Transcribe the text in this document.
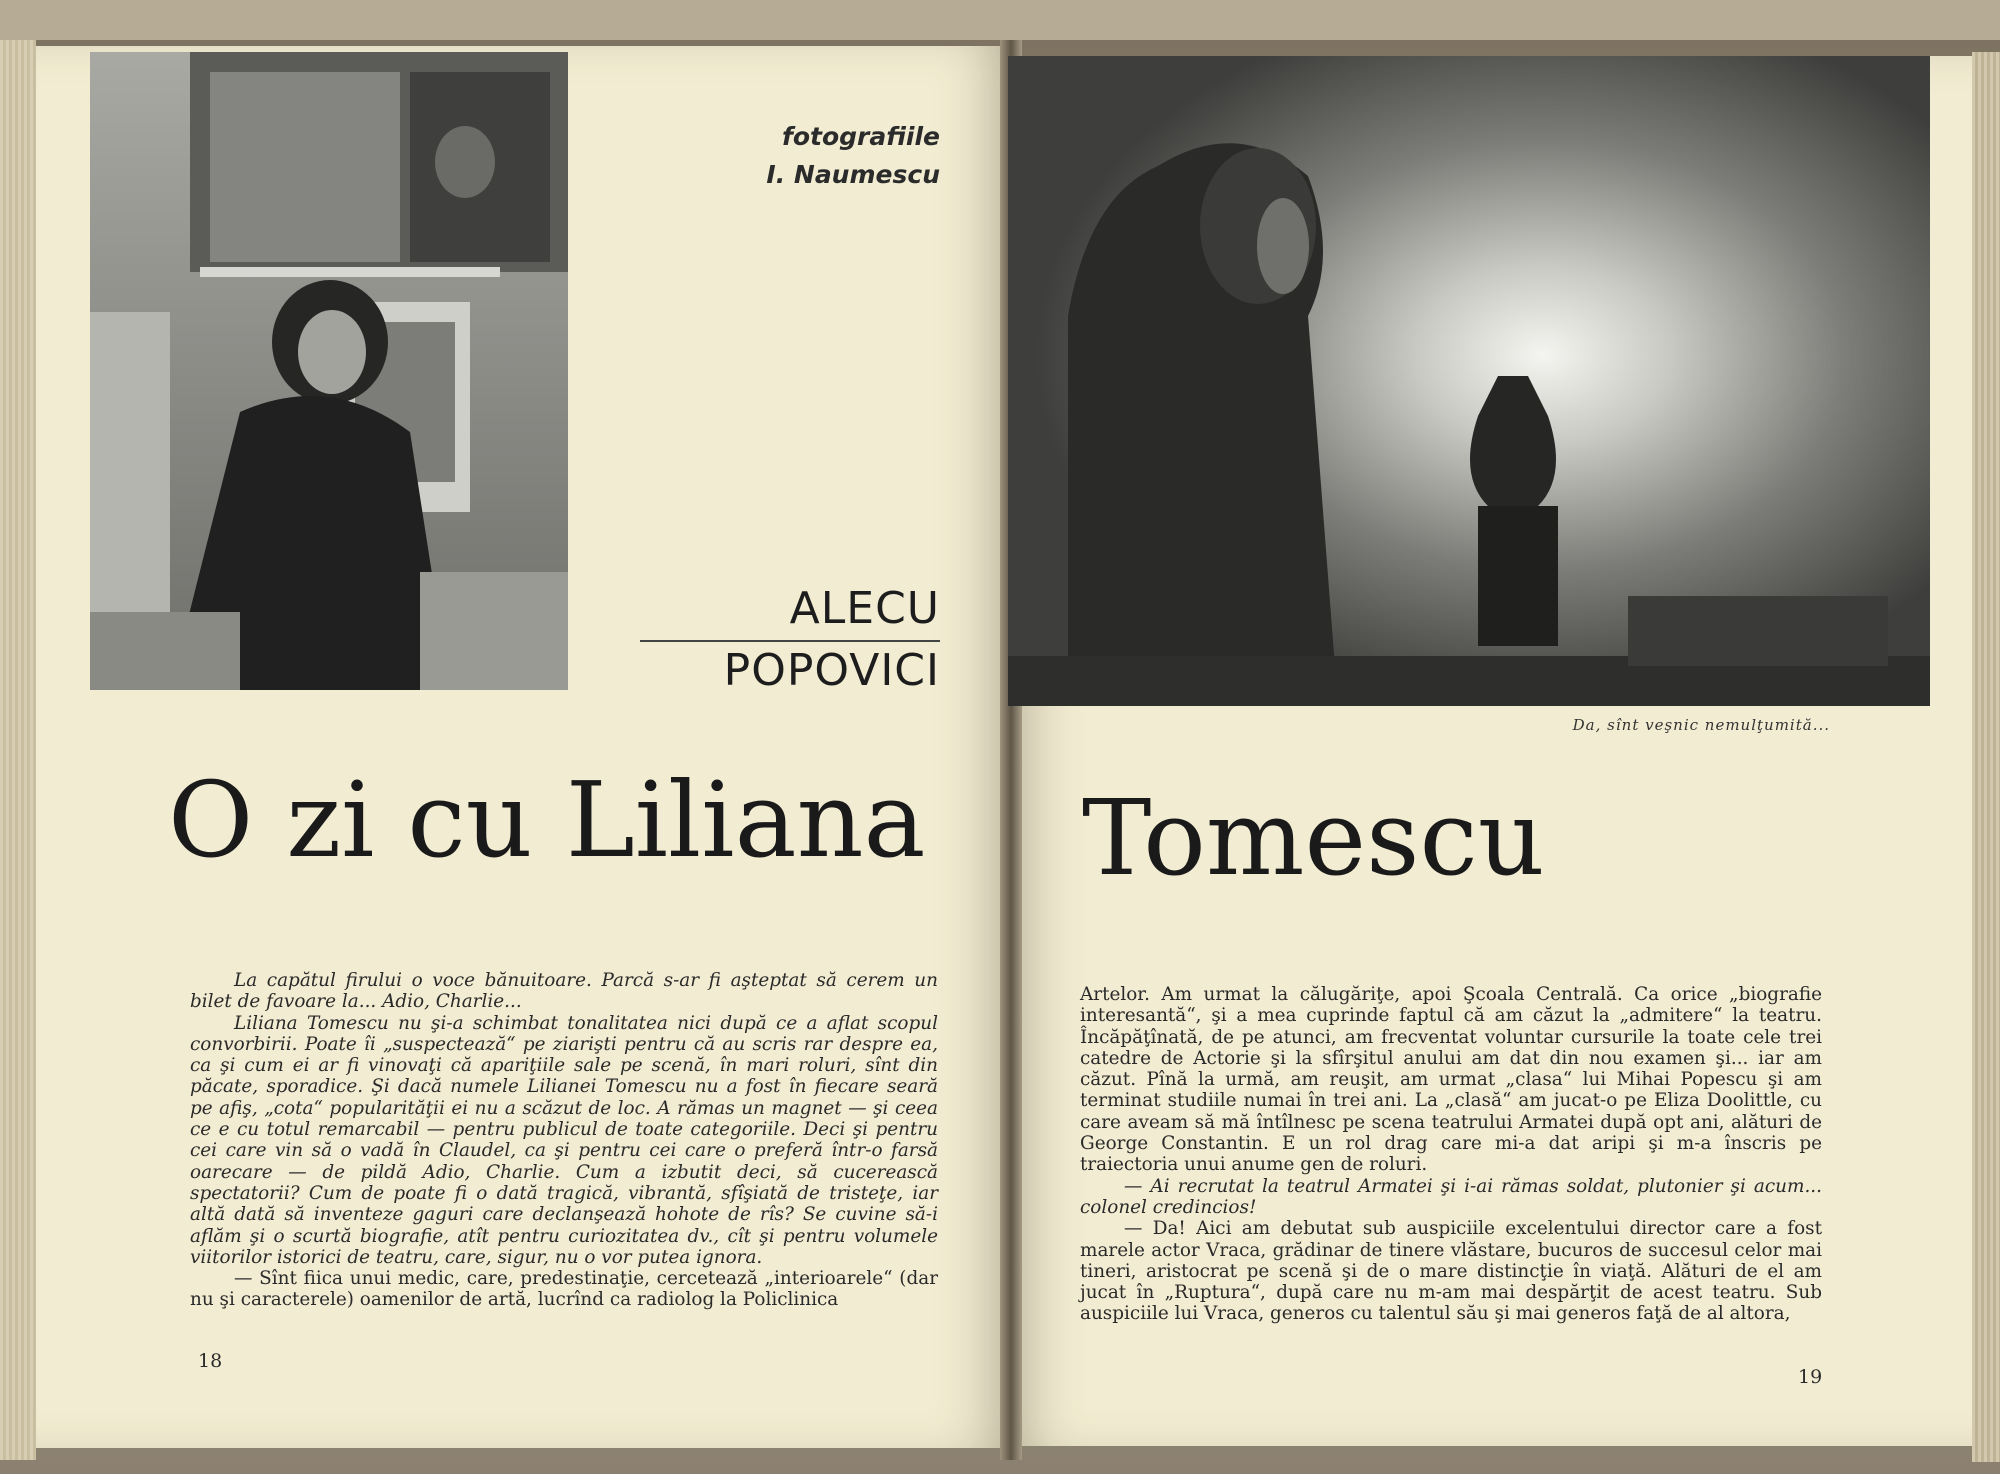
fotografiile
I. Naumescu
ALECU
POPOVICI
O zi cu Liliana Tomescu
Da, sînt veşnic nemulţumită...

La capătul firului o voce bănuitoare. Parcă s-ar fi aşteptat să cerem un bilet de favoare la... Adio, Charlie...

Liliana Tomescu nu şi-a schimbat tonalitatea nici după ce a aflat scopul convorbirii. Poate îi „suspectează“ pe ziarişti pentru că au scris rar despre ea, ca şi cum ei ar fi vinovaţi că apariţiile sale pe scenă, în mari roluri, sînt din păcate, sporadice. Şi dacă numele Lilianei Tomescu nu a fost în fiecare seară pe afiş, „cota“ popularităţii ei nu a scăzut de loc. A rămas un magnet — şi ceea ce e cu totul remarcabil — pentru publicul de toate categoriile. Deci şi pentru cei care vin să o vadă în Claudel, ca şi pentru cei care o preferă într-o farsă oarecare — de pildă Adio, Charlie. Cum a izbutit deci, să cucerească spectatorii? Cum de poate fi o dată tragică, vibrantă, sfîşiată de tristeţe, iar altă dată să inventeze gaguri care declanşează hohote de rîs? Se cuvine să-i aflăm şi o scurtă biografie, atît pentru curiozitatea dv., cît şi pentru volumele viitorilor istorici de teatru, care, sigur, nu o vor putea ignora.

— Sînt fiica unui medic, care, predestinaţie, cercetează „interioarele“ (dar nu şi caracterele) oamenilor de artă, lucrînd ca radiolog la Policlinica

Artelor. Am urmat la călugăriţe, apoi Şcoala Centrală. Ca orice „biografie interesantă“, şi a mea cuprinde faptul că am căzut la „admitere“ la teatru. Încăpăţînată, de pe atunci, am frecventat voluntar cursurile la toate cele trei catedre de Actorie şi la sfîrşitul anului am dat din nou examen şi... iar am căzut. Pînă la urmă, am reuşit, am urmat „clasa“ lui Mihai Popescu şi am terminat studiile numai în trei ani. La „clasă“ am jucat-o pe Eliza Doolittle, cu care aveam să mă întîlnesc pe scena teatrului Armatei după opt ani, alături de George Constantin. E un rol drag care mi-a dat aripi şi m-a înscris pe traiectoria unui anume gen de roluri.

— Ai recrutat la teatrul Armatei şi i-ai rămas soldat, plutonier şi acum... colonel credincios!

— Da! Aici am debutat sub auspiciile excelentului director care a fost marele actor Vraca, grădinar de tinere vlăstare, bucuros de succesul celor mai tineri, aristocrat pe scenă şi de o mare distincţie în viaţă. Alături de el am jucat în „Ruptura“, după care nu m-am mai despărţit de acest teatru. Sub auspiciile lui Vraca, generos cu talentul său şi mai generos faţă de al altora,

18
19
